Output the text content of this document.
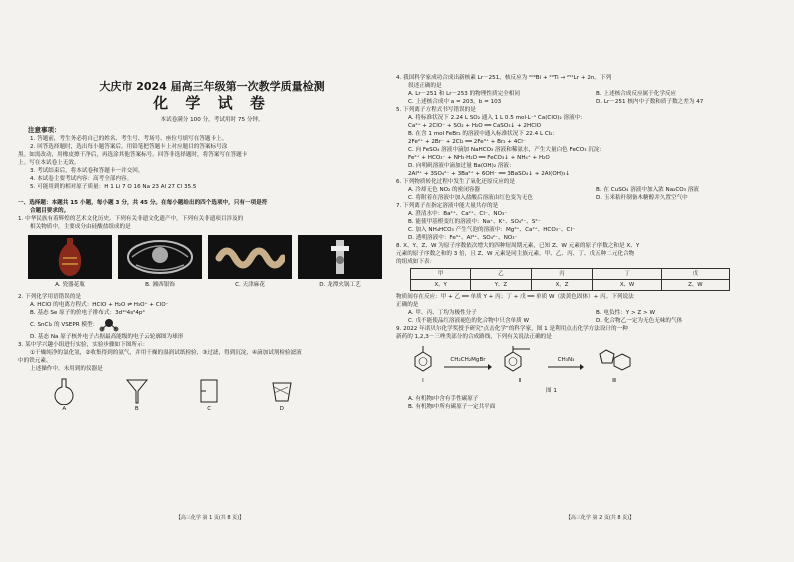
大庆市 2024 届高三年级第一次教学质量检测
化 学 试 卷
本试卷满分 100 分，考试用时 75 分钟。
注意事项：

1. 答题前，考生务必将自己的姓名、考生号、考场号、座位号填写在答题卡上。

2. 回答选择题时，选出每小题答案后，用铅笔把答题卡上对应题目的答案标号涂

黑。如需改动，用橡皮擦干净后，再选涂其他答案标号。回答非选择题时，将答案写在答题卡

上。写在本试卷上无效。

3. 考试结束后，将本试卷和答题卡一并交回。

4. 本试卷主要考试内容：高考全部内容。

5. 可能用到的相对原子质量：H 1 Li 7 O 16 Na 23 Al 27 Cl 35.5

一、选择题：本题共 15 小题，每小题 3 分，共 45 分。在每小题给出的四个选项中，只有一项是符

合题目要求的。

1. 中华民族有着辉煌的艺术文化历史。下列有关非遗文化遗产中，下列有关非遗项目涉及的

相关物质中，主要成分由硅酸盐组成的是

A. 瓷器花瓶	B. 湘西银饰	C. 天津麻花	D. 龙潭火锅工艺

2. 下列化学用语错误的是

A. HClO 的电离方程式：HClO + H₂O ⇌ H₃O⁺ + ClO⁻

B. 基态 Se 原子的价电子排布式：3d¹⁰4s²4p⁴

C. SnCl₂ 的 VSEPR 模型：

D. 基态 Na 原子核外电子占据最高能级的电子云轮廓图为球形

3. 某中学兴趣小组进行实验，实验步骤如下图所示：

①干燥纯净的氯化氢，②收集得到的氨气，并用干燥的湿润试纸检验，③过滤，得到沉淀，④滴加试剂检验滤液

中的铁元素。

上述操作中，未用到的仪器是

A	B	C	D

4. 我国科学家成功合成出新核素 Lr－251，核反应为 ²⁰⁹Bi + ²⁰Ti → ²⁵¹Lr + 2n。下列

叙述正确的是

A. Lr－251 和 Lr－253 的物理性质完全相同	B. 上述核合成反应属于化学反应
C. 上述核合成中 a = 203，b = 103	D. Lr－251 核内中子数和质子数之差为 47

5. 下列离子方程式书写错误的是

A. 将标准状况下 2.24 L SO₂ 通入 1 L 0.5 mol·L⁻¹ Ca(ClO)₂ 溶液中：

Ca²⁺ + 2ClO⁻ + SO₂ + H₂O ══ CaSO₃↓ + 2HClO

B. 在含 1 mol FeBr₂ 的溶液中通入标准状况下 22.4 L Cl₂：

2Fe²⁺ + 2Br⁻ + 2Cl₂ ══ 2Fe³⁺ + Br₂ + 4Cl⁻

C. 向 FeSO₄ 溶液中滴加 NaHCO₃ 溶液和稀氨水，产生大量白色 FeCO₃ 沉淀：

Fe²⁺ + HCO₃⁻ + NH₃·H₂O ══ FeCO₃↓ + NH₄⁺ + H₂O

D. 向明矾溶液中滴加过量 Ba(OH)₂ 溶液：

2Al³⁺ + 3SO₄²⁻ + 3Ba²⁺ + 6OH⁻ ══ 3BaSO₄↓ + 2Al(OH)₃↓

6. 下列物质转化过程中发生了氧化还原反应的是

A. 冷却无色 NO₂ 的密闭容器	B. 在 CuSO₄ 溶液中加入浓 Na₂CO₃ 溶液
C. 将附着在溶液中加入盐酸后溶液由红色变为无色	D. 玉米秸秆制备木糖醇并久置空气中

7. 下列离子在指定溶液中能大量共存的是

A. 澄清水中：Ba²⁺、Ca²⁺、Cl⁻、NO₃⁻

B. 能使甲基橙变红的溶液中：Na⁺、K⁺、SO₄²⁻、S²⁻

C. 加入 NH₄HCO₃ 产生气泡的溶液中：Mg²⁺、Ca²⁺、HCO₃⁻、Cl⁻

D. 透明溶液中：Fe³⁺、Al³⁺、SO₄²⁻、NO₃⁻

8. X、Y、Z、W 为原子序数依次增大的四种短周期元素，已知 Z、W 元素的原子序数之和是 X、Y

元素的原子序数之和的 3 倍，且 Z、W 元素是同主族元素。甲、乙、丙、丁、戊五种二元化合物

的组成如下表：

甲	乙	丙	丁	戊
X、Y	Y、Z	X、Z	X、W	Z、W

物质间存在反应：甲 + 乙 ══ 单质 Y + 丙；丁 + 戊 ══ 单质 W（淡黄色固体）+ 丙。下列说法

正确的是

A. 甲、丙、丁均为极性分子	B. 电负性：Y > Z > W
C. 戊不能使品红溶液褪色的化合物中只含单质 W	D. 化合物乙一定为无色无味的气体

9. 2022 年诺贝尔化学奖授予研究“点击化学”的科学家，图 1 是利用点击化学方法设计的一种

新药的 1,2,3－三唑类部分的合成路线，下列有关说法正确的是

Ⅰ
CH₂CH₂MgBr
Ⅱ
CH₃N₃
Ⅲ

图 1

A. 有机物Ⅰ中含有手性碳原子

B. 有机物Ⅰ中所有碳原子一定共平面

【高三化学 第 1 页(共 8 页)】	【高三化学 第 2 页(共 8 页)】
